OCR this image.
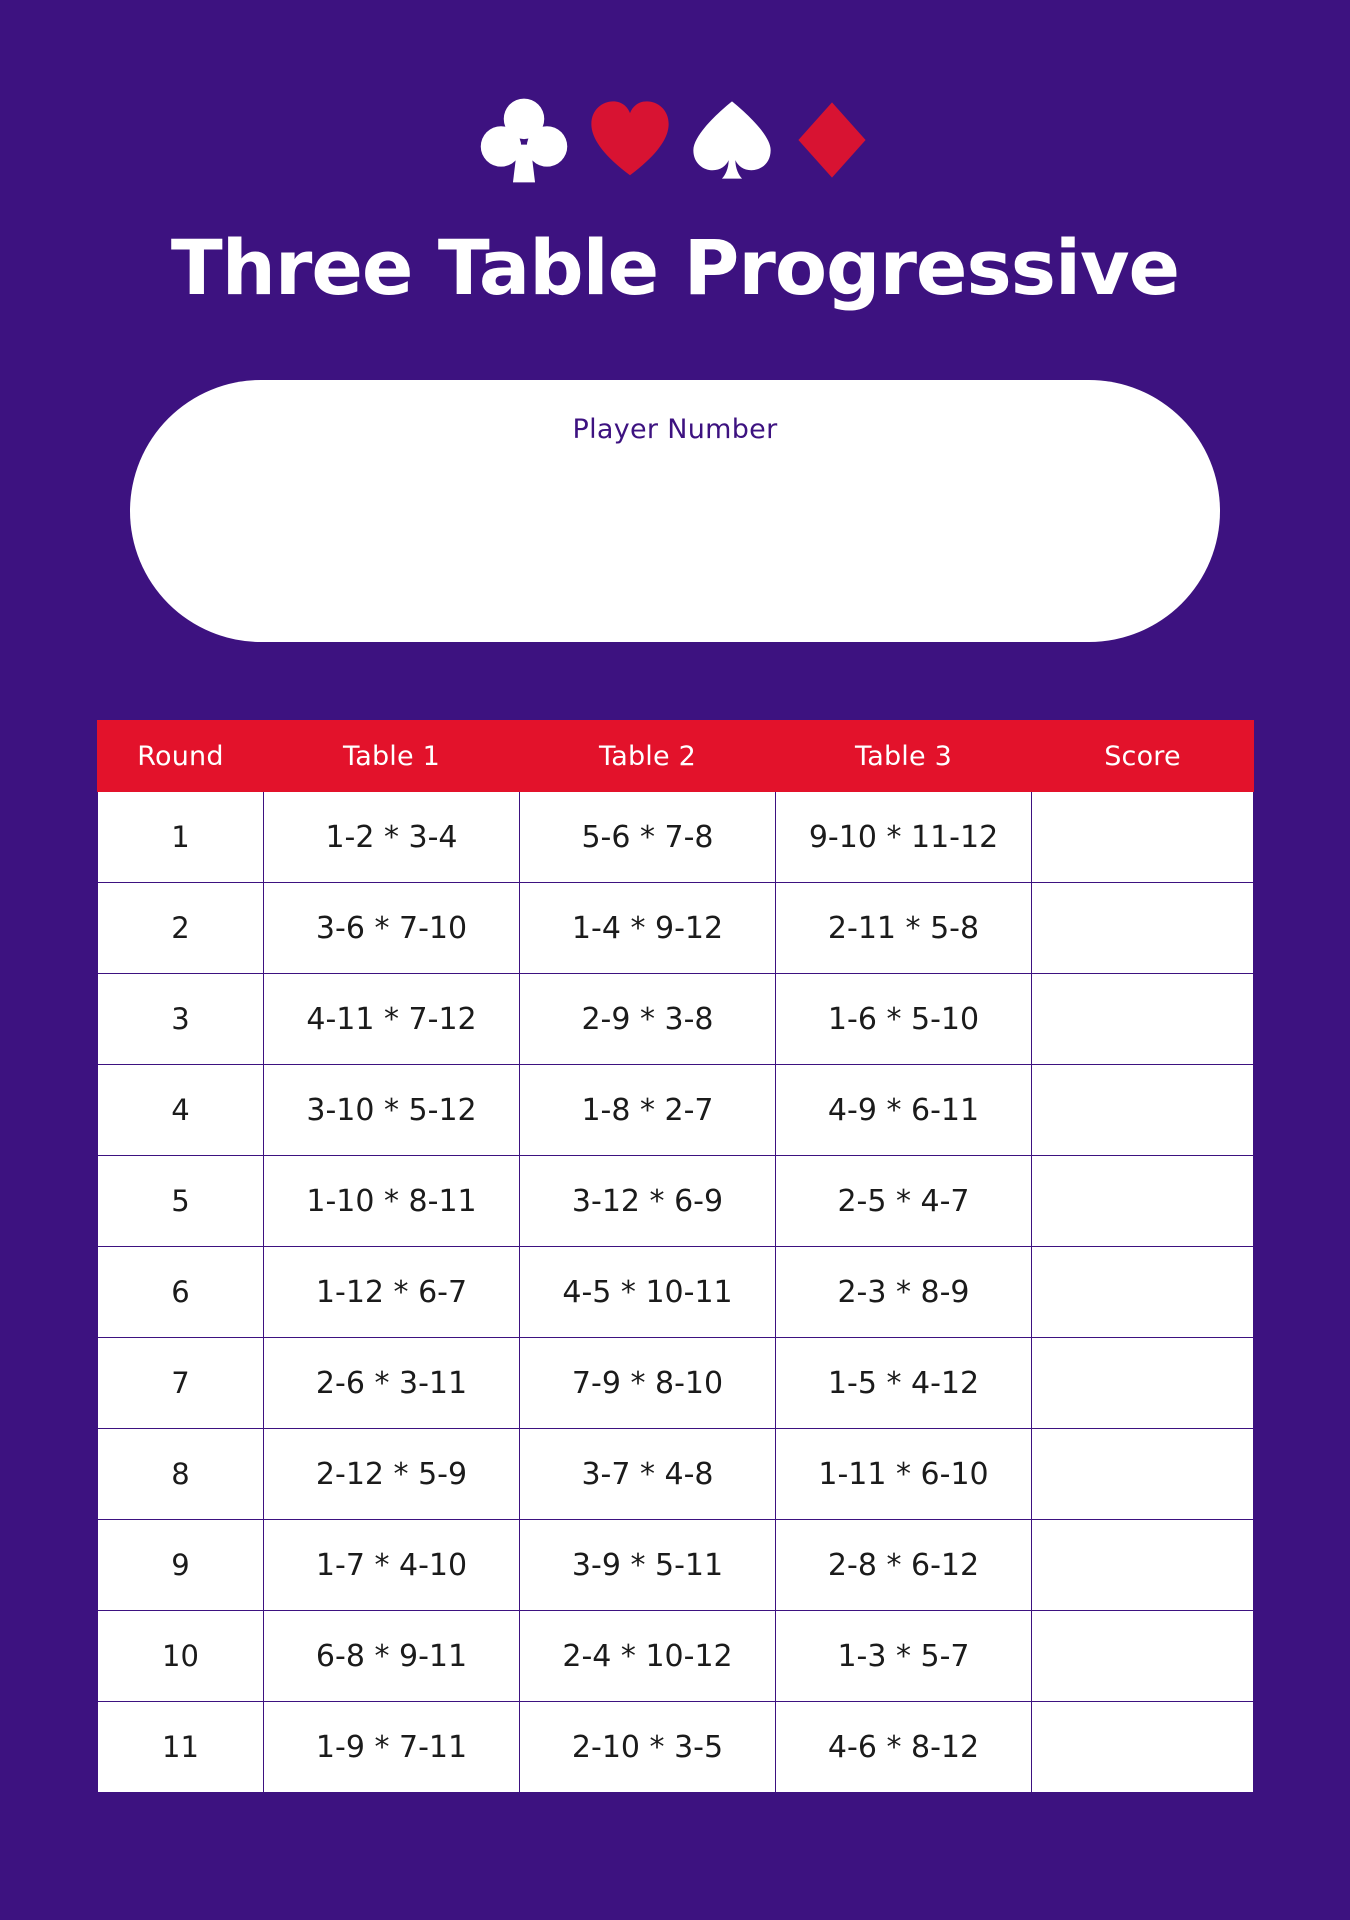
Three Table Progressive
Player Number
Round	Table 1	Table 2	Table 3	Score
1	1-2 * 3-4	5-6 * 7-8	9-10 * 11-12	
2	3-6 * 7-10	1-4 * 9-12	2-11 * 5-8	
3	4-11 * 7-12	2-9 * 3-8	1-6 * 5-10	
4	3-10 * 5-12	1-8 * 2-7	4-9 * 6-11	
5	1-10 * 8-11	3-12 * 6-9	2-5 * 4-7	
6	1-12 * 6-7	4-5 * 10-11	2-3 * 8-9	
7	2-6 * 3-11	7-9 * 8-10	1-5 * 4-12	
8	2-12 * 5-9	3-7 * 4-8	1-11 * 6-10	
9	1-7 * 4-10	3-9 * 5-11	2-8 * 6-12	
10	6-8 * 9-11	2-4 * 10-12	1-3 * 5-7	
11	1-9 * 7-11	2-10 * 3-5	4-6 * 8-12	
